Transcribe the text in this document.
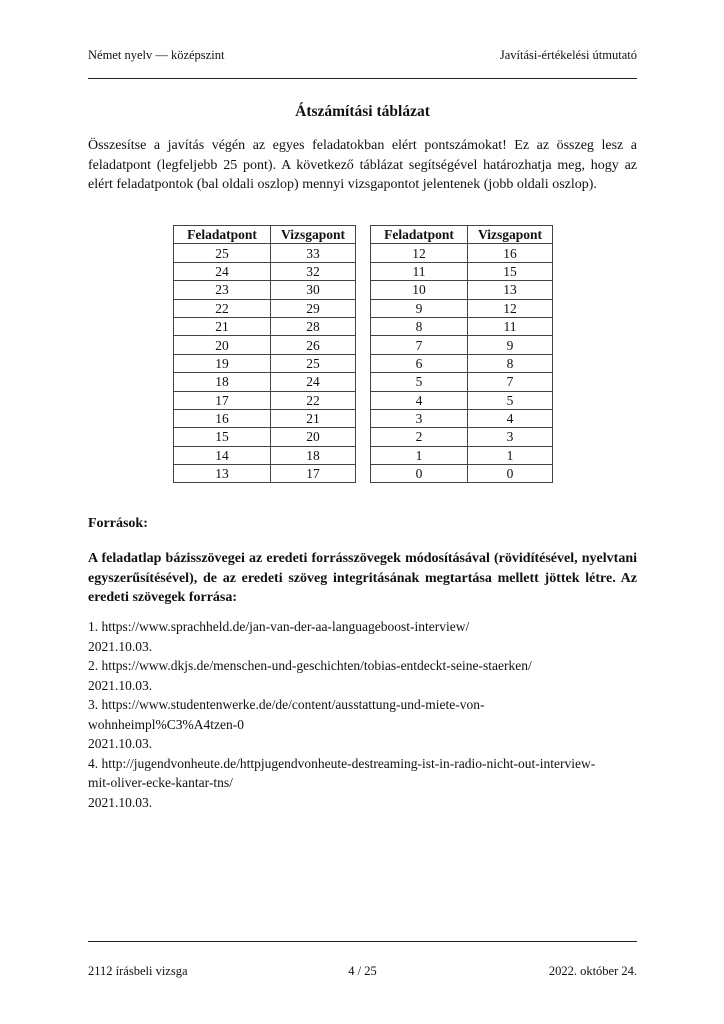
Német nyelv — középszint	Javítási-értékelési útmutató
Átszámítási táblázat
Összesítse a javítás végén az egyes feladatokban elért pontszámokat! Ez az összeg lesz a feladatpont (legfeljebb 25 pont). A következő táblázat segítségével határozhatja meg, hogy az elért feladatpontok (bal oldali oszlop) mennyi vizsgapontot jelentenek (jobb oldali oszlop).
Feladatpont	Vizsgapont
25	33
24	32
23	30
22	29
21	28
20	26
19	25
18	24
17	22
16	21
15	20
14	18
13	17
Feladatpont	Vizsgapont
12	16
11	15
10	13
9	12
8	11
7	9
6	8
5	7
4	5
3	4
2	3
1	1
0	0
Források:
A feladatlap bázisszövegei az eredeti forrásszövegek módosításával (rövidítésével, nyelvtani egyszerűsítésével), de az eredeti szöveg integritásának megtartása mellett jöttek létre. Az eredeti szövegek forrása:
1. https://www.sprachheld.de/jan-van-der-aa-languageboost-interview/
2021.10.03.
2. https://www.dkjs.de/menschen-und-geschichten/tobias-entdeckt-seine-staerken/
2021.10.03.
3. https://www.studentenwerke.de/de/content/ausstattung-und-miete-von-
wohnheimpl%C3%A4tzen-0
2021.10.03.
4. http://jugendvonheute.de/httpjugendvonheute-destreaming-ist-in-radio-nicht-out-interview-
mit-oliver-ecke-kantar-tns/
2021.10.03.
2112 írásbeli vizsga	4 / 25	2022. október 24.
